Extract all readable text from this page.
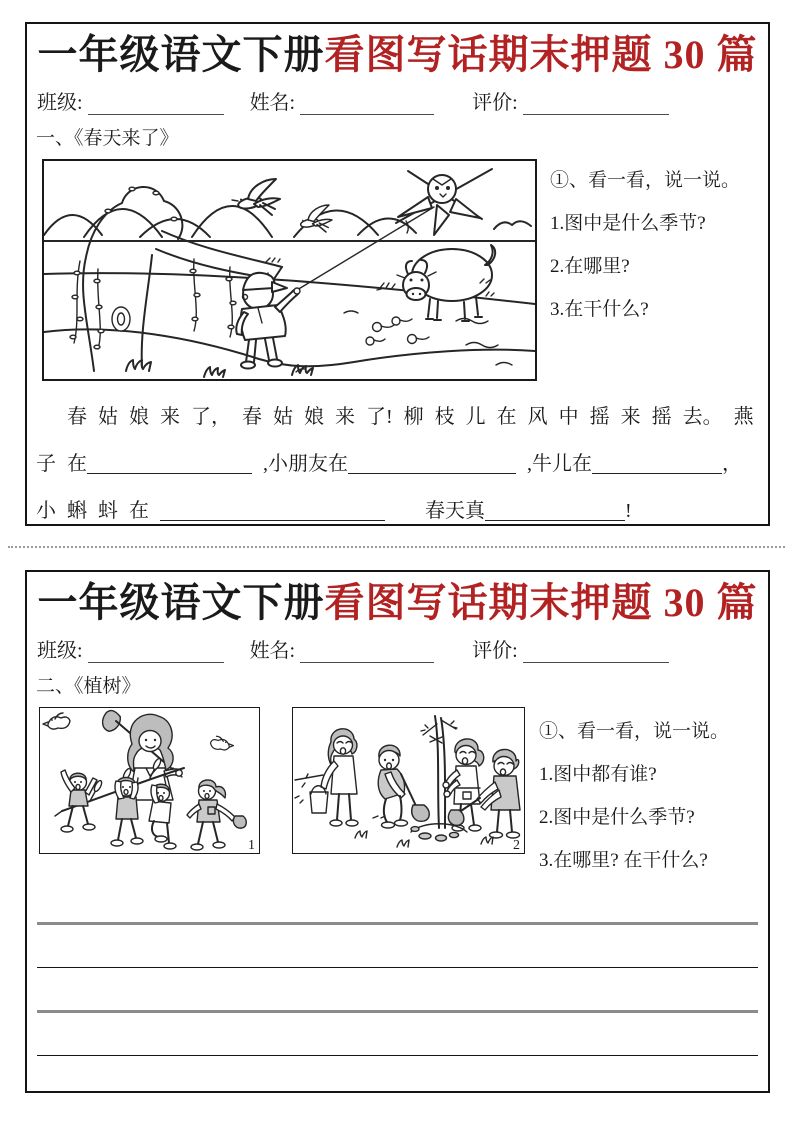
一年级语文下册看图写话期末押题 30 篇
班级:	姓名:	评价:
一、《春天来了》
①、看一看，说一说。
1.图中是什么季节?
2.在哪里?
3.在干什么?
春 姑 娘 来 了， 春 姑 娘 来 了! 柳 枝 儿 在 风 中 摇 来 摇 去。 燕
子 在	,小朋友在	,牛儿在	，
小 蝌 蚪 在	　　春天真	!
一年级语文下册看图写话期末押题 30 篇
班级:	姓名:	评价:
二、《植树》
1	2
①、看一看，说一说。
1.图中都有谁?
2.图中是什么季节?
3.在哪里? 在干什么?
